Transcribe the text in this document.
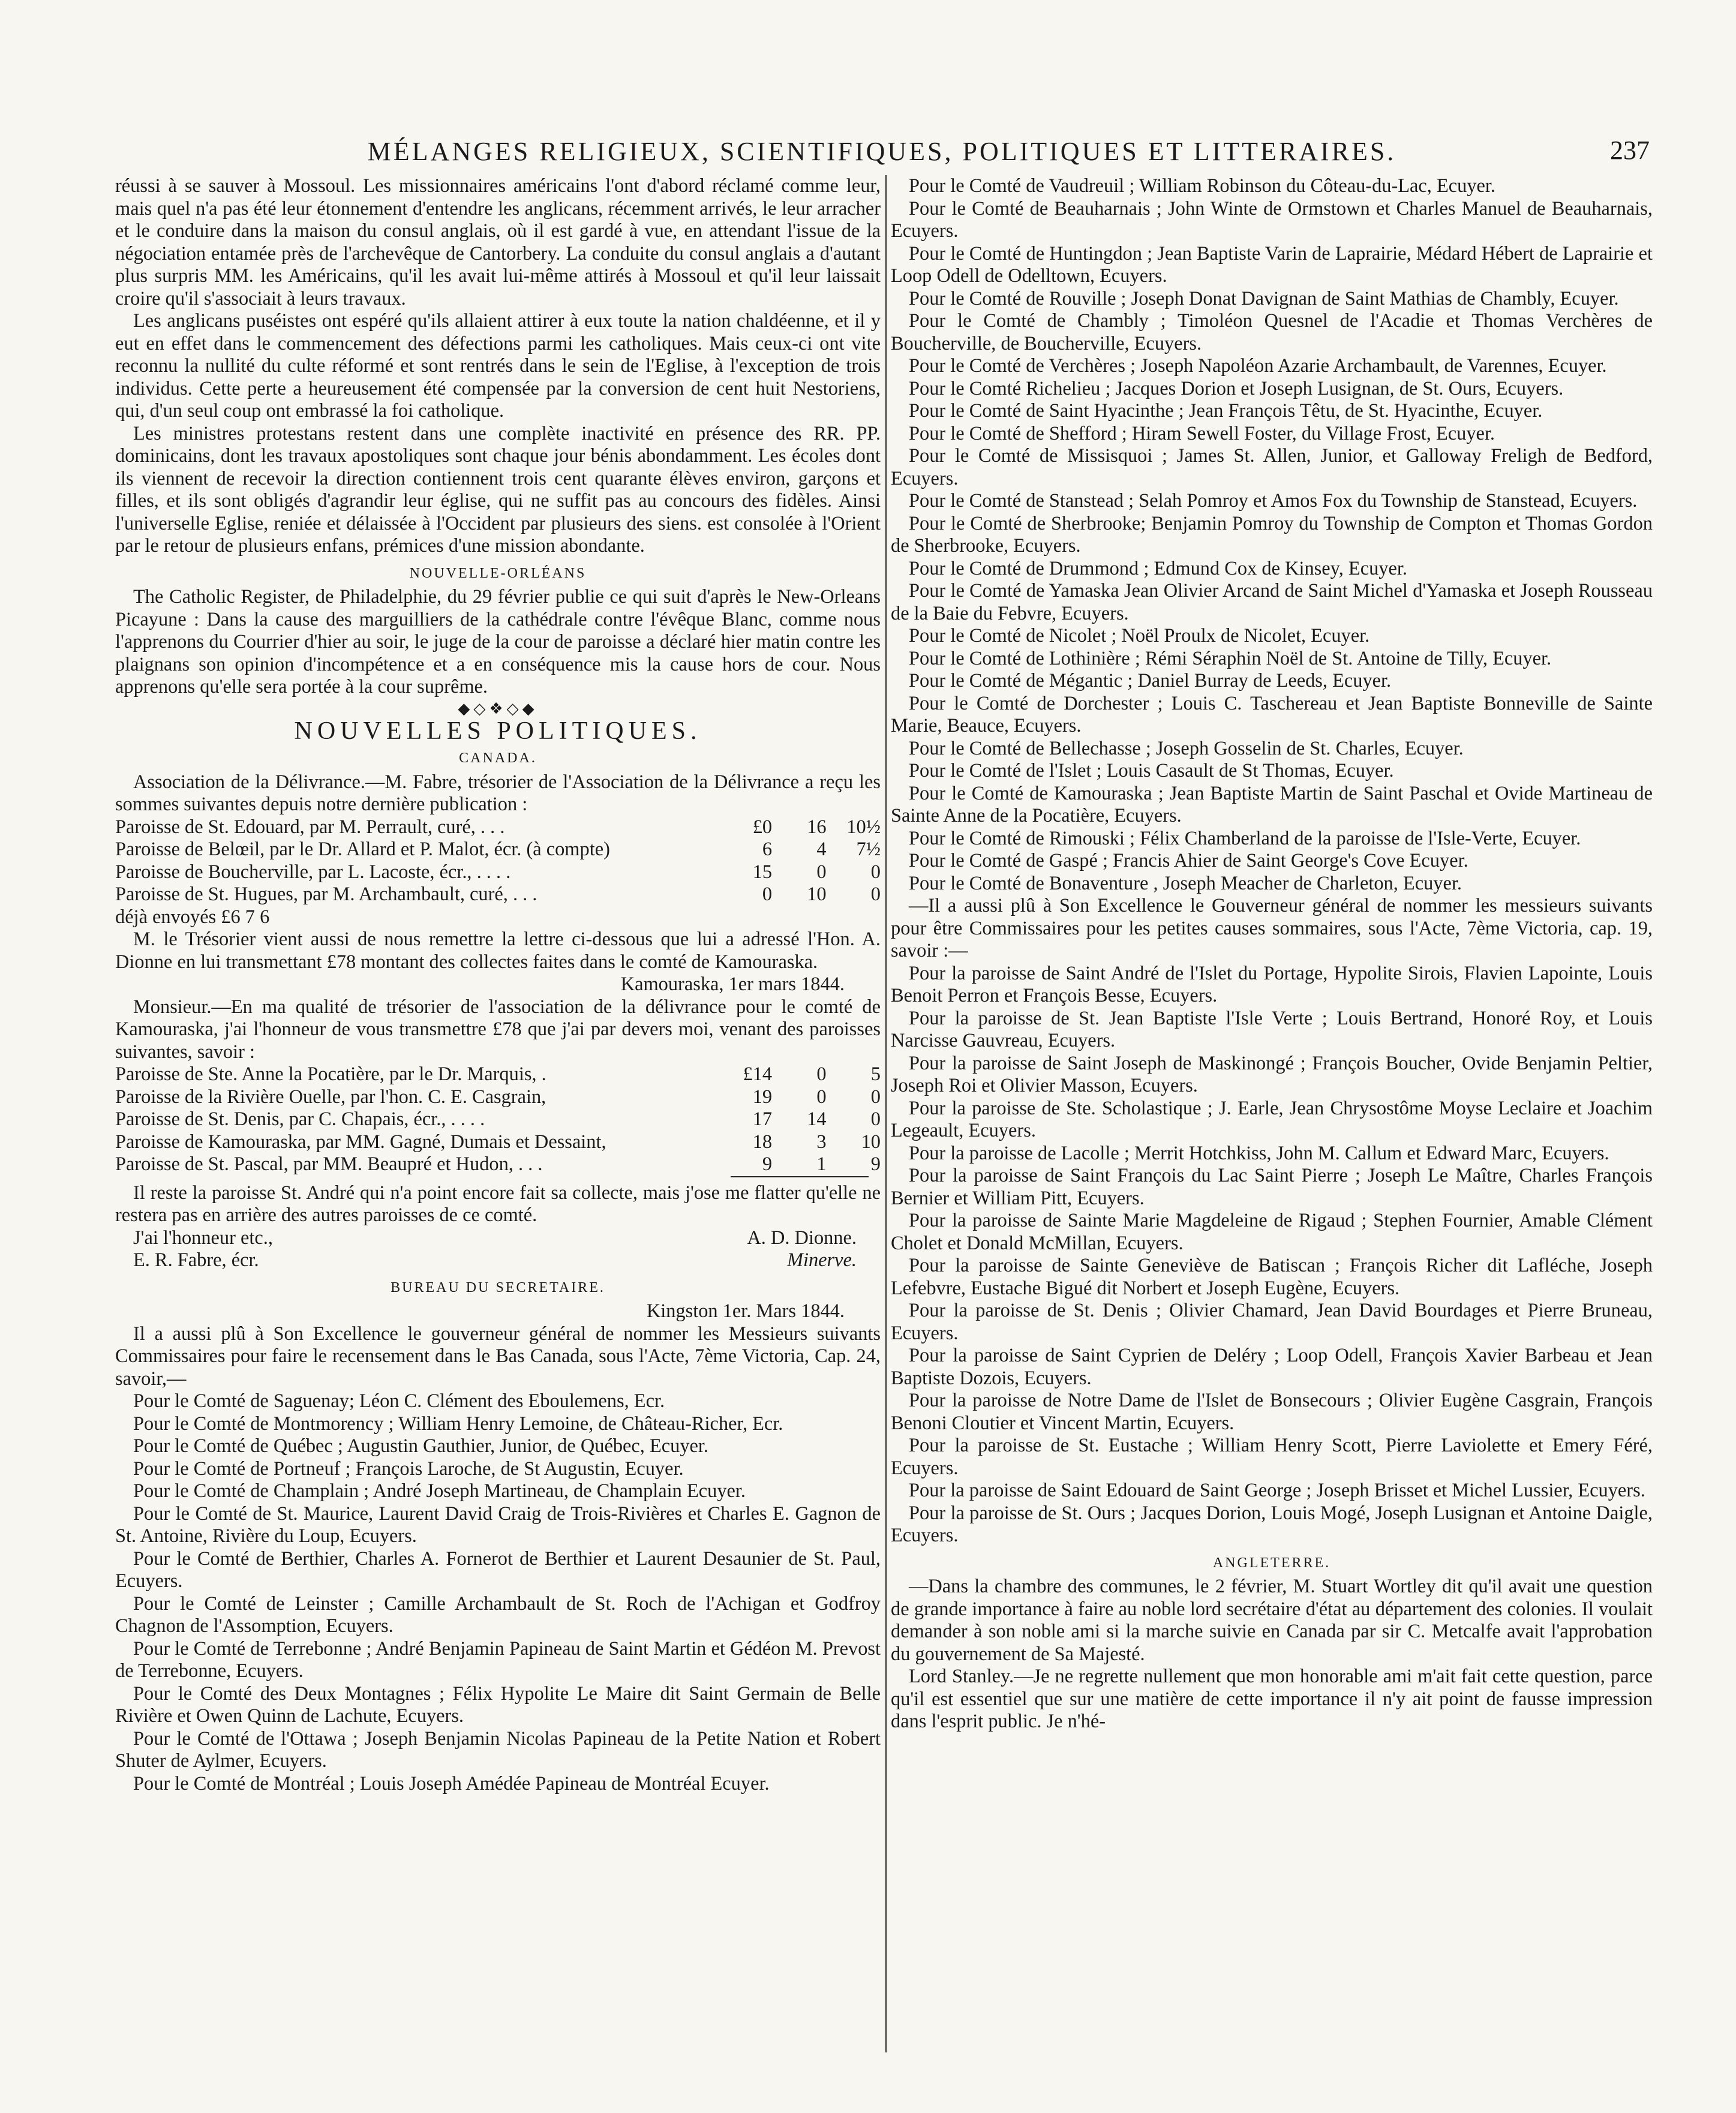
MÉLANGES RELIGIEUX, SCIENTIFIQUES, POLITIQUES ET LITTERAIRES.	237

réussi à se sauver à Mossoul. Les missionnaires américains l'ont d'abord réclamé comme leur, mais quel n'a pas été leur étonnement d'entendre les anglicans, récemment arrivés, le leur arracher et le conduire dans la maison du consul anglais, où il est gardé à vue, en attendant l'issue de la négociation entamée près de l'archevêque de Cantorbery. La conduite du consul anglais a d'autant plus surpris MM. les Américains, qu'il les avait lui-même attirés à Mossoul et qu'il leur laissait croire qu'il s'associait à leurs travaux.

Les anglicans puséistes ont espéré qu'ils allaient attirer à eux toute la nation chaldéenne, et il y eut en effet dans le commencement des défections parmi les catholiques. Mais ceux-ci ont vite reconnu la nullité du culte réformé et sont rentrés dans le sein de l'Eglise, à l'exception de trois individus. Cette perte a heureusement été compensée par la conversion de cent huit Nestoriens, qui, d'un seul coup ont embrassé la foi catholique.

Les ministres protestans restent dans une complète inactivité en présence des RR. PP. dominicains, dont les travaux apostoliques sont chaque jour bénis abondamment. Les écoles dont ils viennent de recevoir la direction contiennent trois cent quarante élèves environ, garçons et filles, et ils sont obligés d'agrandir leur église, qui ne suffit pas au concours des fidèles. Ainsi l'universelle Eglise, reniée et délaissée à l'Occident par plusieurs des siens. est consolée à l'Orient par le retour de plusieurs enfans, prémices d'une mission abondante.

NOUVELLE-ORLÉANS

The Catholic Register, de Philadelphie, du 29 février publie ce qui suit d'après le New-Orleans Picayune : Dans la cause des marguilliers de la cathédrale contre l'évêque Blanc, comme nous l'apprenons du Courrier d'hier au soir, le juge de la cour de paroisse a déclaré hier matin contre les plaignans son opinion d'incompétence et a en conséquence mis la cause hors de cour. Nous apprenons qu'elle sera portée à la cour suprême.

◆◇❖◇◆
NOUVELLES POLITIQUES.
CANADA.

Association de la Délivrance.—M. Fabre, trésorier de l'Association de la Délivrance a reçu les sommes suivantes depuis notre dernière publication :

Paroisse de St. Edouard, par M. Perrault, curé, . . .	£0	16	10½
Paroisse de Belœil, par le Dr. Allard et P. Malot, écr. (à compte)	6	4	7½
Paroisse de Boucherville, par L. Lacoste, écr., . . . .	15	0	0
Paroisse de St. Hugues, par M. Archambault, curé, . . .	0	10	0

déjà envoyés £6 7 6

M. le Trésorier vient aussi de nous remettre la lettre ci-dessous que lui a adressé l'Hon. A. Dionne en lui transmettant £78 montant des collectes faites dans le comté de Kamouraska.

Kamouraska, 1er mars 1844.

Monsieur.—En ma qualité de trésorier de l'association de la délivrance pour le comté de Kamouraska, j'ai l'honneur de vous transmettre £78 que j'ai par devers moi, venant des paroisses suivantes, savoir :

Paroisse de Ste. Anne la Pocatière, par le Dr. Marquis, .	£14	0	5
Paroisse de la Rivière Ouelle, par l'hon. C. E. Casgrain,	19	0	0
Paroisse de St. Denis, par C. Chapais, écr., . . . .	17	14	0
Paroisse de Kamouraska, par MM. Gagné, Dumais et Dessaint,	18	3	10
Paroisse de St. Pascal, par MM. Beaupré et Hudon, . . .	9	1	9

Il reste la paroisse St. André qui n'a point encore fait sa collecte, mais j'ose me flatter qu'elle ne restera pas en arrière des autres paroisses de ce comté.

J'ai l'honneur etc.,	A. D. Dionne.
E. R. Fabre, écr.	Minerve.
BUREAU DU SECRETAIRE.
Kingston 1er. Mars 1844.

Il a aussi plû à Son Excellence le gouverneur général de nommer les Messieurs suivants Commissaires pour faire le recensement dans le Bas Canada, sous l'Acte, 7ème Victoria, Cap. 24, savoir,—

Pour le Comté de Saguenay; Léon C. Clément des Eboulemens, Ecr.

Pour le Comté de Montmorency ; William Henry Lemoine, de Château-Richer, Ecr.

Pour le Comté de Québec ; Augustin Gauthier, Junior, de Québec, Ecuyer.

Pour le Comté de Portneuf ; François Laroche, de St Augustin, Ecuyer.

Pour le Comté de Champlain ; André Joseph Martineau, de Champlain Ecuyer.

Pour le Comté de St. Maurice, Laurent David Craig de Trois-Rivières et Charles E. Gagnon de St. Antoine, Rivière du Loup, Ecuyers.

Pour le Comté de Berthier, Charles A. Fornerot de Berthier et Laurent Desaunier de St. Paul, Ecuyers.

Pour le Comté de Leinster ; Camille Archambault de St. Roch de l'Achigan et Godfroy Chagnon de l'Assomption, Ecuyers.

Pour le Comté de Terrebonne ; André Benjamin Papineau de Saint Martin et Gédéon M. Prevost de Terrebonne, Ecuyers.

Pour le Comté des Deux Montagnes ; Félix Hypolite Le Maire dit Saint Germain de Belle Rivière et Owen Quinn de Lachute, Ecuyers.

Pour le Comté de l'Ottawa ; Joseph Benjamin Nicolas Papineau de la Petite Nation et Robert Shuter de Aylmer, Ecuyers.

Pour le Comté de Montréal ; Louis Joseph Amédée Papineau de Montréal Ecuyer.

Pour le Comté de Vaudreuil ; William Robinson du Côteau-du-Lac, Ecuyer.

Pour le Comté de Beauharnais ; John Winte de Ormstown et Charles Manuel de Beauharnais, Ecuyers.

Pour le Comté de Huntingdon ; Jean Baptiste Varin de Laprairie, Médard Hébert de Laprairie et Loop Odell de Odelltown, Ecuyers.

Pour le Comté de Rouville ; Joseph Donat Davignan de Saint Mathias de Chambly, Ecuyer.

Pour le Comté de Chambly ; Timoléon Quesnel de l'Acadie et Thomas Verchères de Boucherville, de Boucherville, Ecuyers.

Pour le Comté de Verchères ; Joseph Napoléon Azarie Archambault, de Varennes, Ecuyer.

Pour le Comté Richelieu ; Jacques Dorion et Joseph Lusignan, de St. Ours, Ecuyers.

Pour le Comté de Saint Hyacinthe ; Jean François Têtu, de St. Hyacinthe, Ecuyer.

Pour le Comté de Shefford ; Hiram Sewell Foster, du Village Frost, Ecuyer.

Pour le Comté de Missisquoi ; James St. Allen, Junior, et Galloway Freligh de Bedford, Ecuyers.

Pour le Comté de Stanstead ; Selah Pomroy et Amos Fox du Township de Stanstead, Ecuyers.

Pour le Comté de Sherbrooke; Benjamin Pomroy du Township de Compton et Thomas Gordon de Sherbrooke, Ecuyers.

Pour le Comté de Drummond ; Edmund Cox de Kinsey, Ecuyer.

Pour le Comté de Yamaska Jean Olivier Arcand de Saint Michel d'Yamaska et Joseph Rousseau de la Baie du Febvre, Ecuyers.

Pour le Comté de Nicolet ; Noël Proulx de Nicolet, Ecuyer.

Pour le Comté de Lothinière ; Rémi Séraphin Noël de St. Antoine de Tilly, Ecuyer.

Pour le Comté de Mégantic ; Daniel Burray de Leeds, Ecuyer.

Pour le Comté de Dorchester ; Louis C. Taschereau et Jean Baptiste Bonneville de Sainte Marie, Beauce, Ecuyers.

Pour le Comté de Bellechasse ; Joseph Gosselin de St. Charles, Ecuyer.

Pour le Comté de l'Islet ; Louis Casault de St Thomas, Ecuyer.

Pour le Comté de Kamouraska ; Jean Baptiste Martin de Saint Paschal et Ovide Martineau de Sainte Anne de la Pocatière, Ecuyers.

Pour le Comté de Rimouski ; Félix Chamberland de la paroisse de l'Isle-Verte, Ecuyer.

Pour le Comté de Gaspé ; Francis Ahier de Saint George's Cove Ecuyer.

Pour le Comté de Bonaventure , Joseph Meacher de Charleton, Ecuyer.

—Il a aussi plû à Son Excellence le Gouverneur général de nommer les messieurs suivants pour être Commissaires pour les petites causes sommaires, sous l'Acte, 7ème Victoria, cap. 19, savoir :—

Pour la paroisse de Saint André de l'Islet du Portage, Hypolite Sirois, Flavien Lapointe, Louis Benoit Perron et François Besse, Ecuyers.

Pour la paroisse de St. Jean Baptiste l'Isle Verte ; Louis Bertrand, Honoré Roy, et Louis Narcisse Gauvreau, Ecuyers.

Pour la paroisse de Saint Joseph de Maskinongé ; François Boucher, Ovide Benjamin Peltier, Joseph Roi et Olivier Masson, Ecuyers.

Pour la paroisse de Ste. Scholastique ; J. Earle, Jean Chrysostôme Moyse Leclaire et Joachim Legeault, Ecuyers.

Pour la paroisse de Lacolle ; Merrit Hotchkiss, John M. Callum et Edward Marc, Ecuyers.

Pour la paroisse de Saint François du Lac Saint Pierre ; Joseph Le Maître, Charles François Bernier et William Pitt, Ecuyers.

Pour la paroisse de Sainte Marie Magdeleine de Rigaud ; Stephen Fournier, Amable Clément Cholet et Donald McMillan, Ecuyers.

Pour la paroisse de Sainte Geneviève de Batiscan ; François Richer dit Lafléche, Joseph Lefebvre, Eustache Bigué dit Norbert et Joseph Eugène, Ecuyers.

Pour la paroisse de St. Denis ; Olivier Chamard, Jean David Bourdages et Pierre Bruneau, Ecuyers.

Pour la paroisse de Saint Cyprien de Deléry ; Loop Odell, François Xavier Barbeau et Jean Baptiste Dozois, Ecuyers.

Pour la paroisse de Notre Dame de l'Islet de Bonsecours ; Olivier Eugène Casgrain, François Benoni Cloutier et Vincent Martin, Ecuyers.

Pour la paroisse de St. Eustache ; William Henry Scott, Pierre Laviolette et Emery Féré, Ecuyers.

Pour la paroisse de Saint Edouard de Saint George ; Joseph Brisset et Michel Lussier, Ecuyers.

Pour la paroisse de St. Ours ; Jacques Dorion, Louis Mogé, Joseph Lusignan et Antoine Daigle, Ecuyers.

ANGLETERRE.

—Dans la chambre des communes, le 2 février, M. Stuart Wortley dit qu'il avait une question de grande importance à faire au noble lord secrétaire d'état au département des colonies. Il voulait demander à son noble ami si la marche suivie en Canada par sir C. Metcalfe avait l'approbation du gouvernement de Sa Majesté.

Lord Stanley.—Je ne regrette nullement que mon honorable ami m'ait fait cette question, parce qu'il est essentiel que sur une matière de cette importance il n'y ait point de fausse impression dans l'esprit public. Je n'hé-
